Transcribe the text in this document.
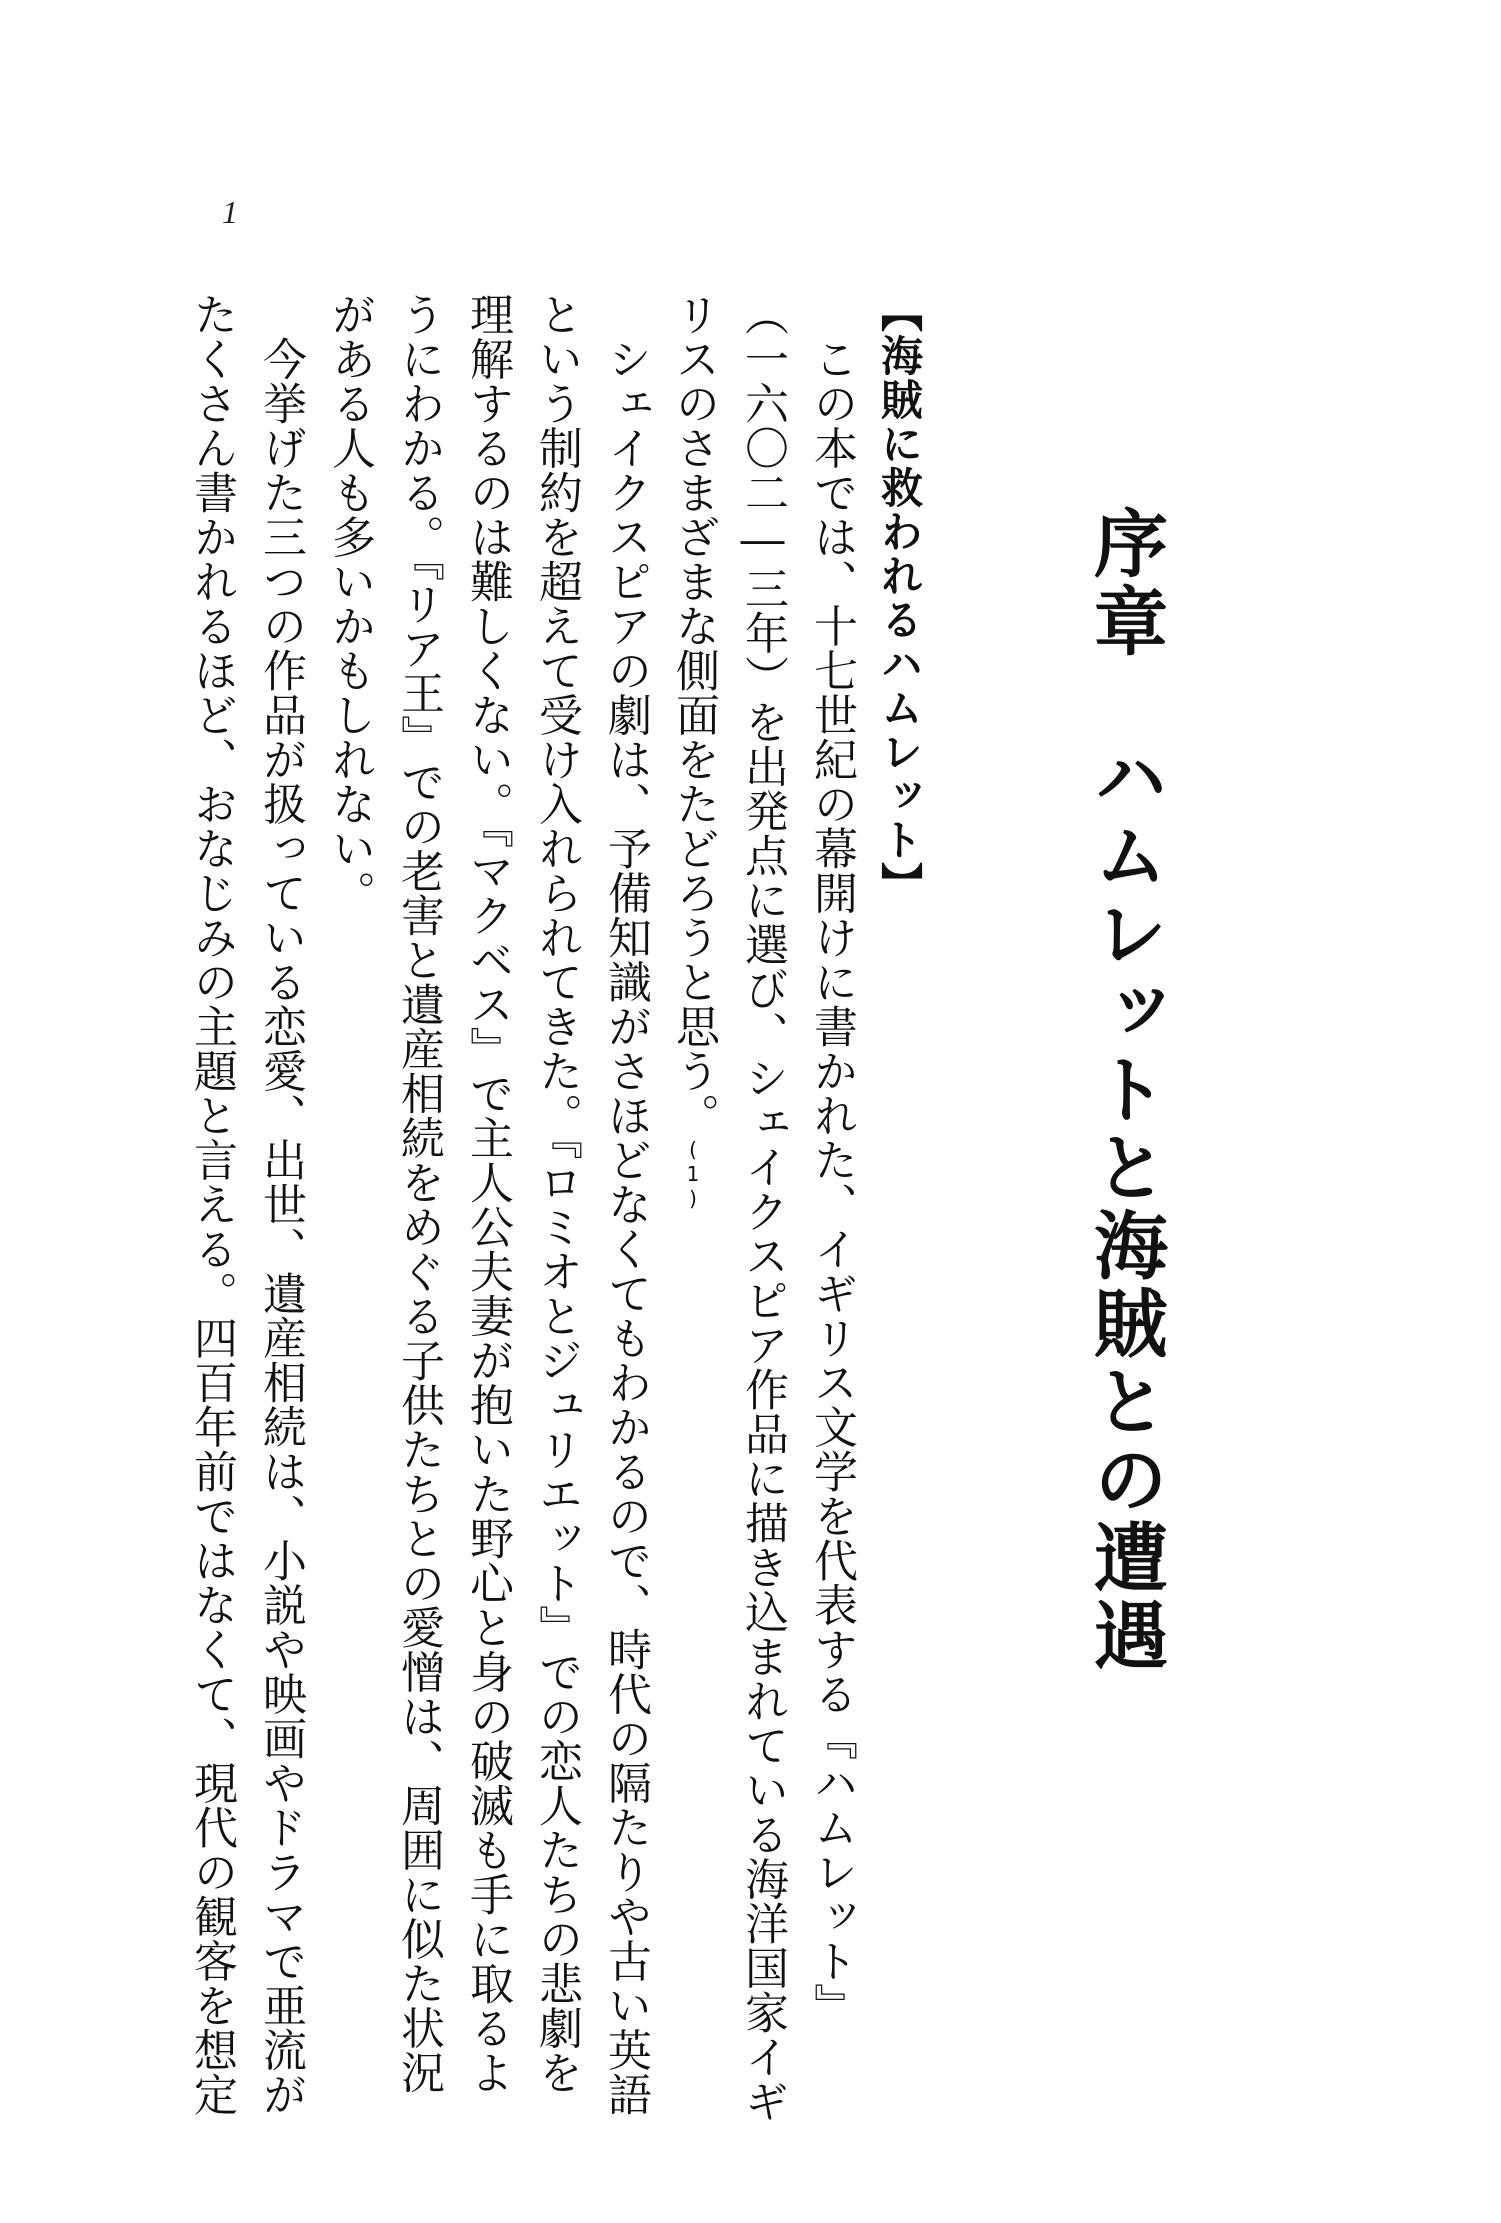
1
序章　ハムレットと海賊との遭遇
【海賊に救われるハムレット】

　この本では、十七世紀の幕開けに書かれた、イギリス文学を代表する『ハムレット』

（一六〇二―三年）を出発点に選び、シェイクスピア作品に描き込まれている海洋国家イギ

リスのさまざまな側面をたどろうと思う。(1)

　シェイクスピアの劇は、予備知識がさほどなくてもわかるので、時代の隔たりや古い英語

という制約を超えて受け入れられてきた。『ロミオとジュリエット』での恋人たちの悲劇を

理解するのは難しくない。『マクベス』で主人公夫妻が抱いた野心と身の破滅も手に取るよ

うにわかる。『リア王』での老害と遺産相続をめぐる子供たちとの愛憎は、周囲に似た状況

がある人も多いかもしれない。

　今挙げた三つの作品が扱っている恋愛、出世、遺産相続は、小説や映画やドラマで亜流が

たくさん書かれるほど、おなじみの主題と言える。四百年前ではなくて、現代の観客を想定
